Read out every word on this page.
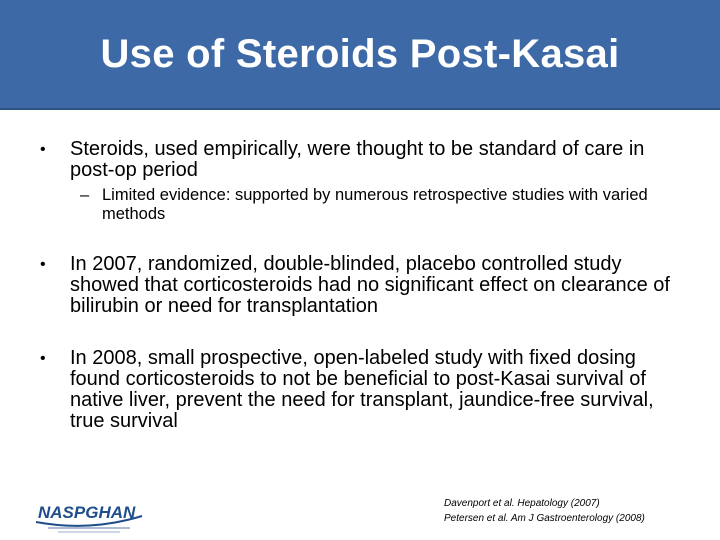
Use of Steroids Post-Kasai
• Steroids, used empirically, were thought to be standard of care in post-op period
– Limited evidence: supported by numerous retrospective studies with varied methods
• In 2007, randomized, double-blinded, placebo controlled study showed that corticosteroids had no significant effect on clearance of bilirubin or need for transplantation
• In 2008, small prospective, open-labeled study with fixed dosing found corticosteroids to not be beneficial to post-Kasai survival of native liver, prevent the need for transplant, jaundice-free survival, true survival
NASPGHAN	Davenport et al. Hepatology (2007)
Petersen et al. Am J Gastroenterology (2008)
